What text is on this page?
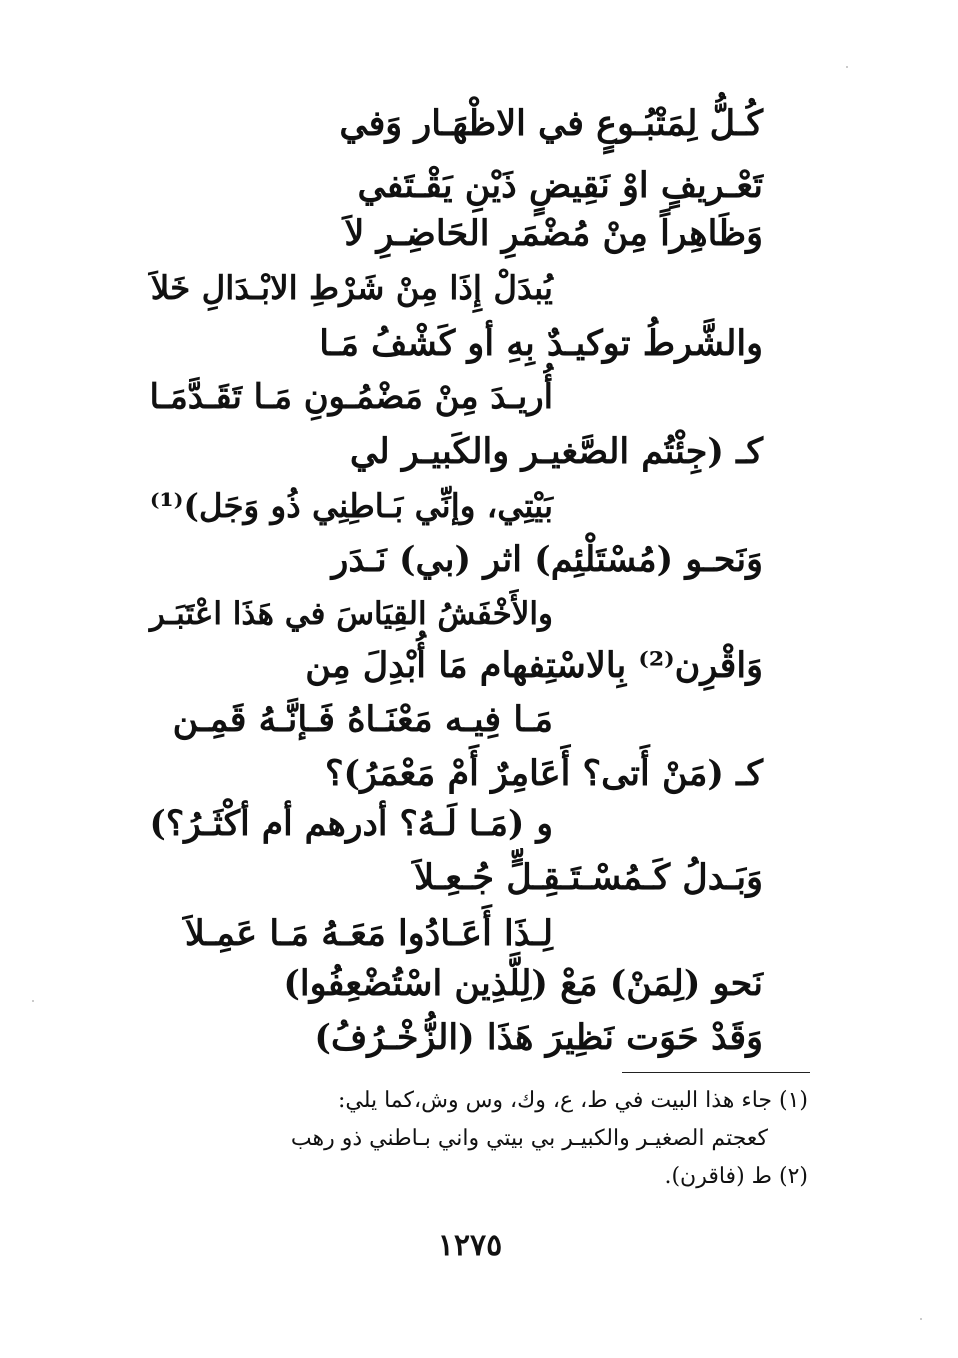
كُـلُّ لِمَتْبُـوعٍ في الاظْهَـار وَفي
تَعْـريفٍ اوْ نَقِيضٍ ذَيْنِ يَقْـتَفي
وَظَاهِراً مِنْ مُضْمَرِ الحَاضِـرِ لاَ
يُبدَلْ إِذَا مِنْ شَرْطِ الابْـدَالِ خَلاَ
والشَّرطُ توكيـدٌ بِهِ أو كَشْفُ مَـا
أُريـدَ مِنْ مَضْمُـونِ مَـا تَقَـدَّمَـا
كـ (جِئْتُم الصَّغيـر والكَبيـر لي
بَيْتِي، وإنِّي بَـاطِنِي ذُو وَجَل)⁽¹⁾
وَنَحـو (مُسْتَلْئِم) اثر (بي) نَـدَر
والأَخْفَشُ القِيَاسَ في هَذَا اعْتَبَـر
وَاقْرِن⁽²⁾ بِالاسْتِفهام مَا أُبْدِلَ مِن
مَـا فِيـه مَعْنَـاهُ فَـإنَّـهُ قَمِـن
كـ (مَنْ أَتى؟ أَعَامِرٌ أَمْ مَعْمَرُ)؟
و (مَـا لَـهُ؟ أدرهم أم أكْثَـرُ؟)
وَبَـدلُ كَـمُسْـتَـقِـلٍّ جُـعِـلاَ
لِـذَا أَعَـادُوا مَعَـهُ مَـا عَمِـلاَ
نَحو (لِمَنْ) مَعْ (لِلَّذِين اسْتُضْعِفُوا)
وَقَدْ حَوَت نَظِيرَ هَذَا (الزُّخْـرُفُ)
(١) جاء هذا البيت في ط، ع، وك، وس وش،كما يلي:
كعجتم الصغيـر والكبيـر بي بيتي واني بـاطني ذو رهب
(٢) ط (فاقرن).
١٢٧٥
